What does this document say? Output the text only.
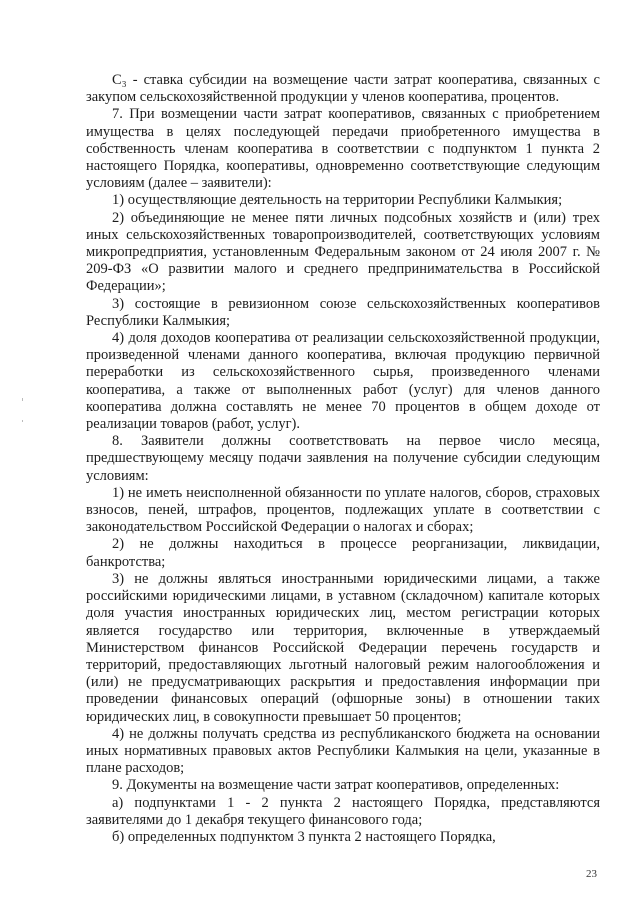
С₃ - ставка субсидии на возмещение части затрат кооператива, связанных с закупом сельскохозяйственной продукции у членов кооператива, процентов.

7. При возмещении части затрат кооперативов, связанных с приобретением имущества в целях последующей передачи приобретенного имущества в собственность членам кооператива в соответствии с подпунктом 1 пункта 2 настоящего Порядка, кооперативы, одновременно соответствующие следующим условиям (далее – заявители):

1) осуществляющие деятельность на территории Республики Калмыкия;

2) объединяющие не менее пяти личных подсобных хозяйств и (или) трех иных сельскохозяйственных товаропроизводителей, соответствующих условиям микропредприятия, установленным Федеральным законом от 24 июля 2007 г. № 209-ФЗ «О развитии малого и среднего предпринимательства в Российской Федерации»;

3) состоящие в ревизионном союзе сельскохозяйственных кооперативов Республики Калмыкия;

4) доля доходов кооператива от реализации сельскохозяйственной продукции, произведенной членами данного кооператива, включая продукцию первичной переработки из сельскохозяйственного сырья, произведенного членами кооператива, а также от выполненных работ (услуг) для членов данного кооператива должна составлять не менее 70 процентов в общем доходе от реализации товаров (работ, услуг).

8. Заявители должны соответствовать на первое число месяца, предшествующему месяцу подачи заявления на получение субсидии следующим условиям:

1) не иметь неисполненной обязанности по уплате налогов, сборов, страховых взносов, пеней, штрафов, процентов, подлежащих уплате в соответствии с законодательством Российской Федерации о налогах и сборах;

2) не должны находиться в процессе реорганизации, ликвидации, банкротства;

3) не должны являться иностранными юридическими лицами, а также российскими юридическими лицами, в уставном (складочном) капитале которых доля участия иностранных юридических лиц, местом регистрации которых является государство или территория, включенные в утверждаемый Министерством финансов Российской Федерации перечень государств и территорий, предоставляющих льготный налоговый режим налогообложения и (или) не предусматривающих раскрытия и предоставления информации при проведении финансовых операций (офшорные зоны) в отношении таких юридических лиц, в совокупности превышает 50 процентов;

4) не должны получать средства из республиканского бюджета на основании иных нормативных правовых актов Республики Калмыкия на цели, указанные в плане расходов;

9. Документы на возмещение части затрат кооперативов, определенных:

а) подпунктами 1 - 2 пункта 2 настоящего Порядка, представляются заявителями до 1 декабря текущего финансового года;

б) определенных подпунктом 3 пункта 2 настоящего Порядка,

23
